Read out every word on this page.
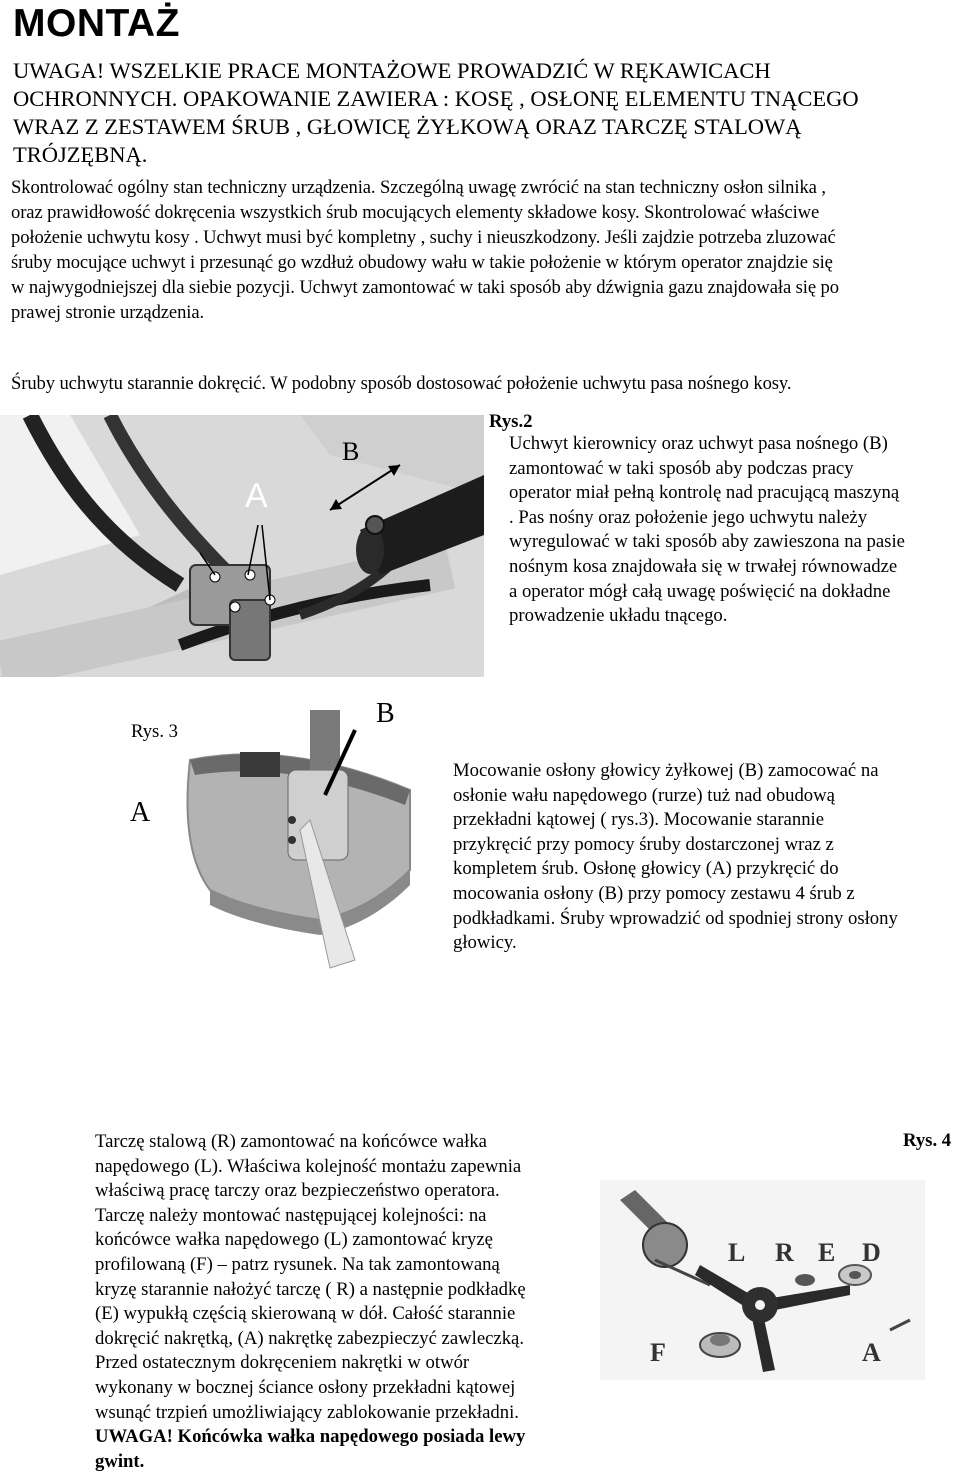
MONTAŻ
UWAGA! WSZELKIE PRACE MONTAŻOWE PROWADZIĆ W RĘKAWICACH
OCHRONNYCH. OPAKOWANIE ZAWIERA : KOSĘ , OSŁONĘ ELEMENTU TNĄCEGO
WRAZ Z ZESTAWEM ŚRUB , GŁOWICĘ ŻYŁKOWĄ ORAZ TARCZĘ STALOWĄ
TRÓJZĘBNĄ.
Skontrolować ogólny stan techniczny urządzenia. Szczególną uwagę zwrócić na stan techniczny osłon silnika ,
oraz prawidłowość dokręcenia wszystkich śrub mocujących elementy składowe kosy. Skontrolować właściwe
położenie uchwytu kosy . Uchwyt musi być kompletny , suchy i nieuszkodzony. Jeśli zajdzie potrzeba zluzować
śruby mocujące uchwyt i przesunąć go wzdłuż obudowy wału w takie położenie w którym operator znajdzie się
w najwygodniejszej dla siebie pozycji. Uchwyt zamontować w taki sposób aby dźwignia gazu znajdowała się po
prawej stronie urządzenia.
Śruby uchwytu starannie dokręcić. W podobny sposób dostosować położenie uchwytu pasa nośnego kosy.
A
B
Rys.2
Uchwyt kierownicy oraz uchwyt pasa nośnego (B)
zamontować w taki sposób aby podczas pracy
operator miał pełną kontrolę nad pracującą maszyną
. Pas nośny oraz położenie jego uchwytu należy
wyregulować w taki sposób aby zawieszona na pasie
nośnym kosa znajdowała się w trwałej równowadze
a operator mógł całą uwagę poświęcić na dokładne
prowadzenie układu tnącego.
Rys. 3
B
A
Mocowanie osłony głowicy żyłkowej (B) zamocować na
osłonie wału napędowego (rurze) tuż nad obudową
przekładni kątowej ( rys.3). Mocowanie starannie
przykręcić przy pomocy śruby dostarczonej wraz z
kompletem śrub. Osłonę głowicy (A) przykręcić do
mocowania osłony (B) przy pomocy zestawu 4 śrub z
podkładkami. Śruby wprowadzić od spodniej strony osłony
głowicy.
Tarczę stalową (R) zamontować na końcówce wałka
napędowego (L). Właściwa kolejność montażu zapewnia
właściwą pracę tarczy oraz bezpieczeństwo operatora.
Tarczę należy montować następującej kolejności: na
końcówce wałka napędowego (L) zamontować kryzę
profilowaną (F) – patrz rysunek. Na tak zamontowaną
kryzę starannie nałożyć tarczę ( R) a następnie podkładkę
(E) wypukłą częścią skierowaną w dół. Całość starannie
dokręcić nakrętką, (A) nakrętkę zabezpieczyć zawleczką.
Przed ostatecznym dokręceniem nakrętki w otwór
wykonany w bocznej ściance osłony przekładni kątowej
wsunąć trzpień umożliwiający zablokowanie przekładni.
UWAGA! Końcówka wałka napędowego posiada lewy
gwint.
Rys. 4
L R E D
F	A
